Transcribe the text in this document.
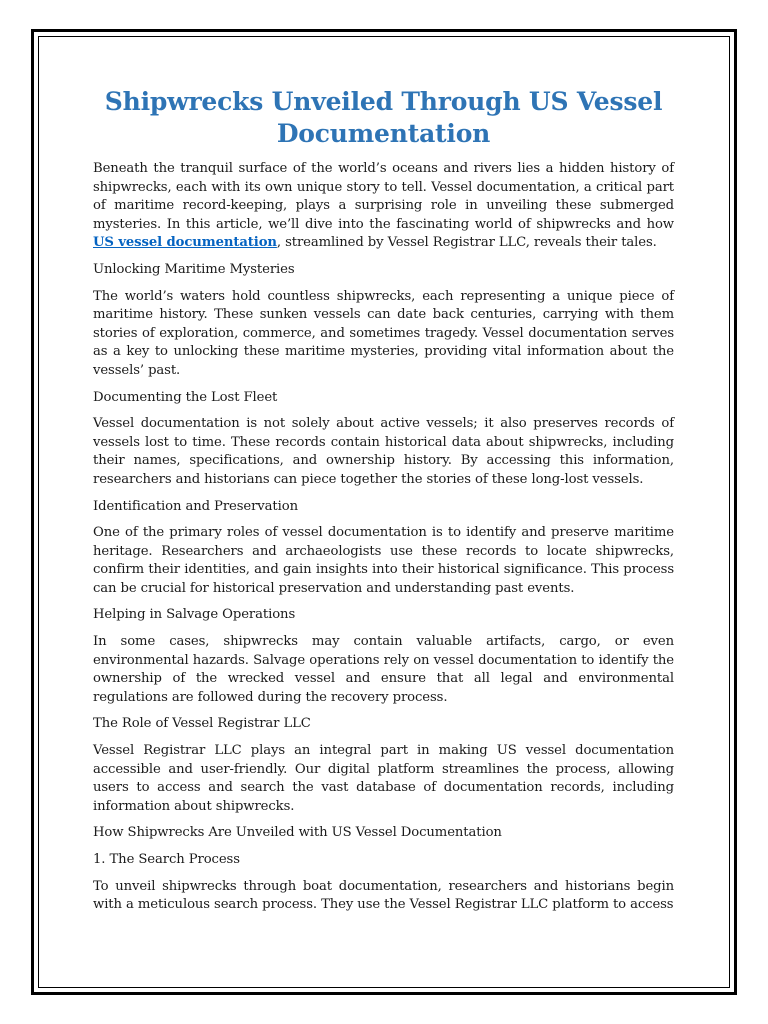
Shipwrecks Unveiled Through US Vessel Documentation

Beneath the tranquil surface of the world’s oceans and rivers lies a hidden history of shipwrecks, each with its own unique story to tell. Vessel documentation, a critical part of maritime record-keeping, plays a surprising role in unveiling these submerged mysteries. In this article, we’ll dive into the fascinating world of shipwrecks and how US vessel documentation, streamlined by Vessel Registrar LLC, reveals their tales.

Unlocking Maritime Mysteries

The world’s waters hold countless shipwrecks, each representing a unique piece of maritime history. These sunken vessels can date back centuries, carrying with them stories of exploration, commerce, and sometimes tragedy. Vessel documentation serves as a key to unlocking these maritime mysteries, providing vital information about the vessels’ past.

Documenting the Lost Fleet

Vessel documentation is not solely about active vessels; it also preserves records of vessels lost to time. These records contain historical data about shipwrecks, including their names, specifications, and ownership history. By accessing this information, researchers and historians can piece together the stories of these long-lost vessels.

Identification and Preservation

One of the primary roles of vessel documentation is to identify and preserve maritime heritage. Researchers and archaeologists use these records to locate shipwrecks, confirm their identities, and gain insights into their historical significance. This process can be crucial for historical preservation and understanding past events.

Helping in Salvage Operations

In some cases, shipwrecks may contain valuable artifacts, cargo, or even environmental hazards. Salvage operations rely on vessel documentation to identify the ownership of the wrecked vessel and ensure that all legal and environmental regulations are followed during the recovery process.

The Role of Vessel Registrar LLC

Vessel Registrar LLC plays an integral part in making US vessel documentation accessible and user-friendly. Our digital platform streamlines the process, allowing users to access and search the vast database of documentation records, including information about shipwrecks.

How Shipwrecks Are Unveiled with US Vessel Documentation

1. The Search Process

To unveil shipwrecks through boat documentation, researchers and historians begin with a meticulous search process. They use the Vessel Registrar LLC platform to access
